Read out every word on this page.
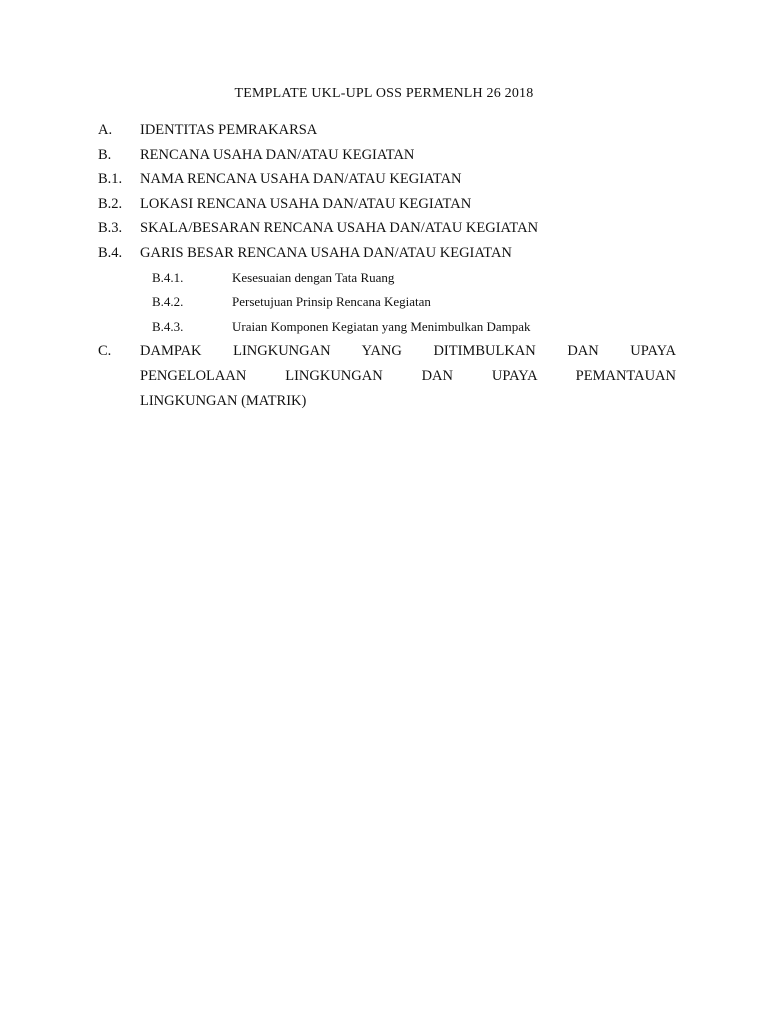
TEMPLATE UKL-UPL OSS PERMENLH 26 2018
A. IDENTITAS PEMRAKARSA
B. RENCANA USAHA DAN/ATAU KEGIATAN
B.1. NAMA RENCANA USAHA DAN/ATAU KEGIATAN
B.2. LOKASI RENCANA USAHA DAN/ATAU KEGIATAN
B.3. SKALA/BESARAN RENCANA USAHA DAN/ATAU KEGIATAN
B.4. GARIS BESAR RENCANA USAHA DAN/ATAU KEGIATAN
B.4.1.	Kesesuaian dengan Tata Ruang
B.4.2.	Persetujuan Prinsip Rencana Kegiatan
B.4.3.	Uraian Komponen Kegiatan yang Menimbulkan Dampak
C. DAMPAK LINGKUNGAN YANG DITIMBULKAN DAN UPAYA
PENGELOLAAN LINGKUNGAN DAN UPAYA PEMANTAUAN
LINGKUNGAN (MATRIK)
